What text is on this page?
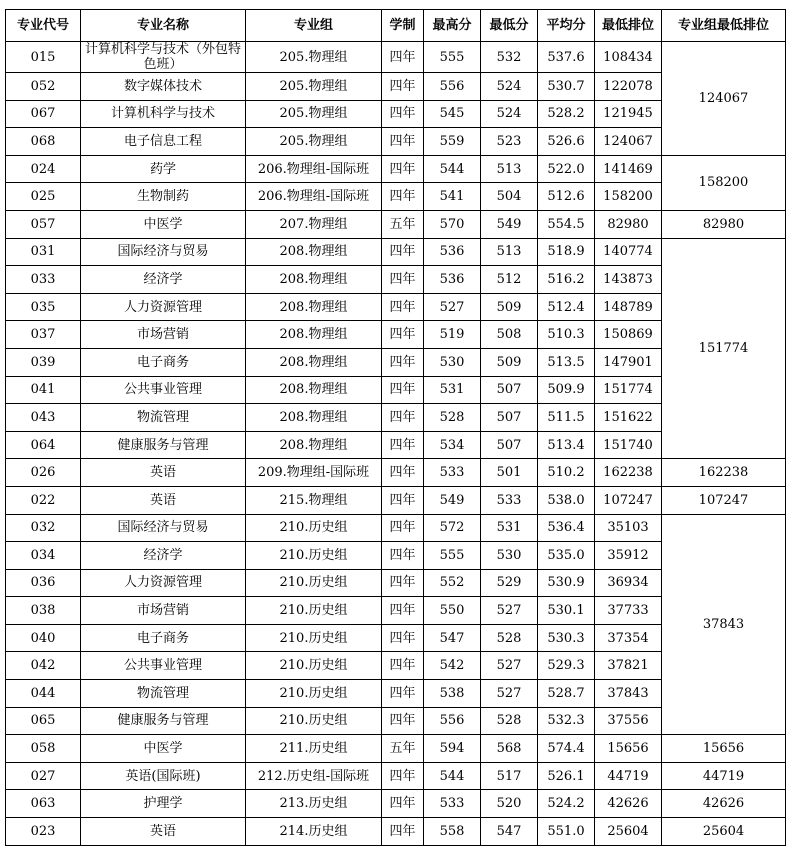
专业代号	专业名称	专业组	学制	最高分	最低分	平均分	最低排位	专业组最低排位
015	计算机科学与技术（外包特色班）	205.物理组	四年	555	532	537.6	108434	124067
052	数字媒体技术	205.物理组	四年	556	524	530.7	122078	
067	计算机科学与技术	205.物理组	四年	545	524	528.2	121945	
068	电子信息工程	205.物理组	四年	559	523	526.6	124067	
024	药学	206.物理组-国际班	四年	544	513	522.0	141469	158200
025	生物制药	206.物理组-国际班	四年	541	504	512.6	158200	
057	中医学	207.物理组	五年	570	549	554.5	82980	82980
031	国际经济与贸易	208.物理组	四年	536	513	518.9	140774	151774
033	经济学	208.物理组	四年	536	512	516.2	143873	
035	人力资源管理	208.物理组	四年	527	509	512.4	148789	
037	市场营销	208.物理组	四年	519	508	510.3	150869	
039	电子商务	208.物理组	四年	530	509	513.5	147901	
041	公共事业管理	208.物理组	四年	531	507	509.9	151774	
043	物流管理	208.物理组	四年	528	507	511.5	151622	
064	健康服务与管理	208.物理组	四年	534	507	513.4	151740	
026	英语	209.物理组-国际班	四年	533	501	510.2	162238	162238
022	英语	215.物理组	四年	549	533	538.0	107247	107247
032	国际经济与贸易	210.历史组	四年	572	531	536.4	35103	37843
034	经济学	210.历史组	四年	555	530	535.0	35912	
036	人力资源管理	210.历史组	四年	552	529	530.9	36934	
038	市场营销	210.历史组	四年	550	527	530.1	37733	
040	电子商务	210.历史组	四年	547	528	530.3	37354	
042	公共事业管理	210.历史组	四年	542	527	529.3	37821	
044	物流管理	210.历史组	四年	538	527	528.7	37843	
065	健康服务与管理	210.历史组	四年	556	528	532.3	37556	
058	中医学	211.历史组	五年	594	568	574.4	15656	15656
027	英语(国际班)	212.历史组-国际班	四年	544	517	526.1	44719	44719
063	护理学	213.历史组	四年	533	520	524.2	42626	42626
023	英语	214.历史组	四年	558	547	551.0	25604	25604
